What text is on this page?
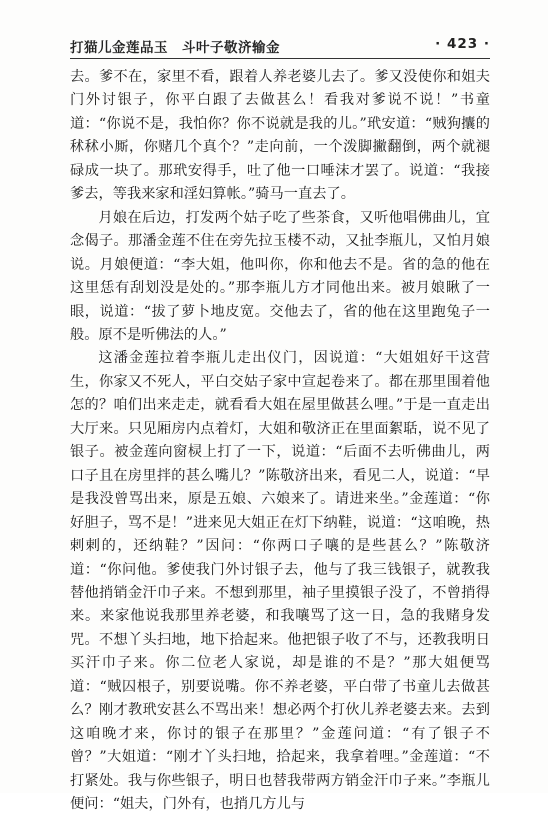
打猫儿金莲品玉 斗叶子敬济输金	· 423 ·

去。爹不在，家里不看，跟着人养老婆儿去了。爹又没使你和姐夫门外讨银子，你平白跟了去做甚么！看我对爹说不说！”书童道：“你说不是，我怕你？你不说就是我的儿。”玳安道：“贼狗攮的秫秫小厮，你赌几个真个？”走向前，一个泼脚撇翻倒，两个就褪碌成一块了。那玳安得手，吐了他一口唾沫才罢了。说道：“我接爹去，等我来家和淫妇算帐。”骑马一直去了。

月娘在后边，打发两个姑子吃了些茶食，又听他唱佛曲儿，宜念偈子。那潘金莲不住在旁先拉玉楼不动，又扯李瓶儿，又怕月娘说。月娘便道：“李大姐，他叫你，你和他去不是。省的急的他在这里恁有刮划没是处的。”那李瓶儿方才同他出来。被月娘瞅了一眼，说道：“拔了萝卜地皮宽。交他去了，省的他在这里跑兔子一般。原不是听佛法的人。”

这潘金莲拉着李瓶儿走出仪门，因说道：“大姐姐好干这营生，你家又不死人，平白交姑子家中宣起卷来了。都在那里围着他怎的？咱们出来走走，就看看大姐在屋里做甚么哩。”于是一直走出大厅来。只见厢房内点着灯，大姐和敬济正在里面絮聒，说不见了银子。被金莲向窗棂上打了一下，说道：“后面不去听佛曲儿，两口子且在房里拌的甚么嘴儿？”陈敬济出来，看见二人，说道：“早是我没曾骂出来，原是五娘、六娘来了。请进来坐。”金莲道：“你好胆子，骂不是！”进来见大姐正在灯下纳鞋，说道：“这咱晚，热剌剌的，还纳鞋？”因问：“你两口子嚷的是些甚么？”陈敬济道：“你问他。爹使我门外讨银子去，他与了我三钱银子，就教我替他捎销金汗巾子来。不想到那里，袖子里摸银子没了，不曾捎得来。来家他说我那里养老婆，和我嚷骂了这一日，急的我赌身发咒。不想丫头扫地，地下拾起来。他把银子收了不与，还教我明日买汗巾子来。你二位老人家说，却是谁的不是？”那大姐便骂道：“贼囚根子，别要说嘴。你不养老婆，平白带了书童儿去做甚么？刚才教玳安甚么不骂出来！想必两个打伙儿养老婆去来。去到这咱晚才来，你讨的银子在那里？”金莲问道：“有了银子不曾？”大姐道：“刚才丫头扫地，拾起来，我拿着哩。”金莲道：“不打紧处。我与你些银子，明日也替我带两方销金汗巾子来。”李瓶儿便问：“姐夫，门外有，也捎几方儿与
